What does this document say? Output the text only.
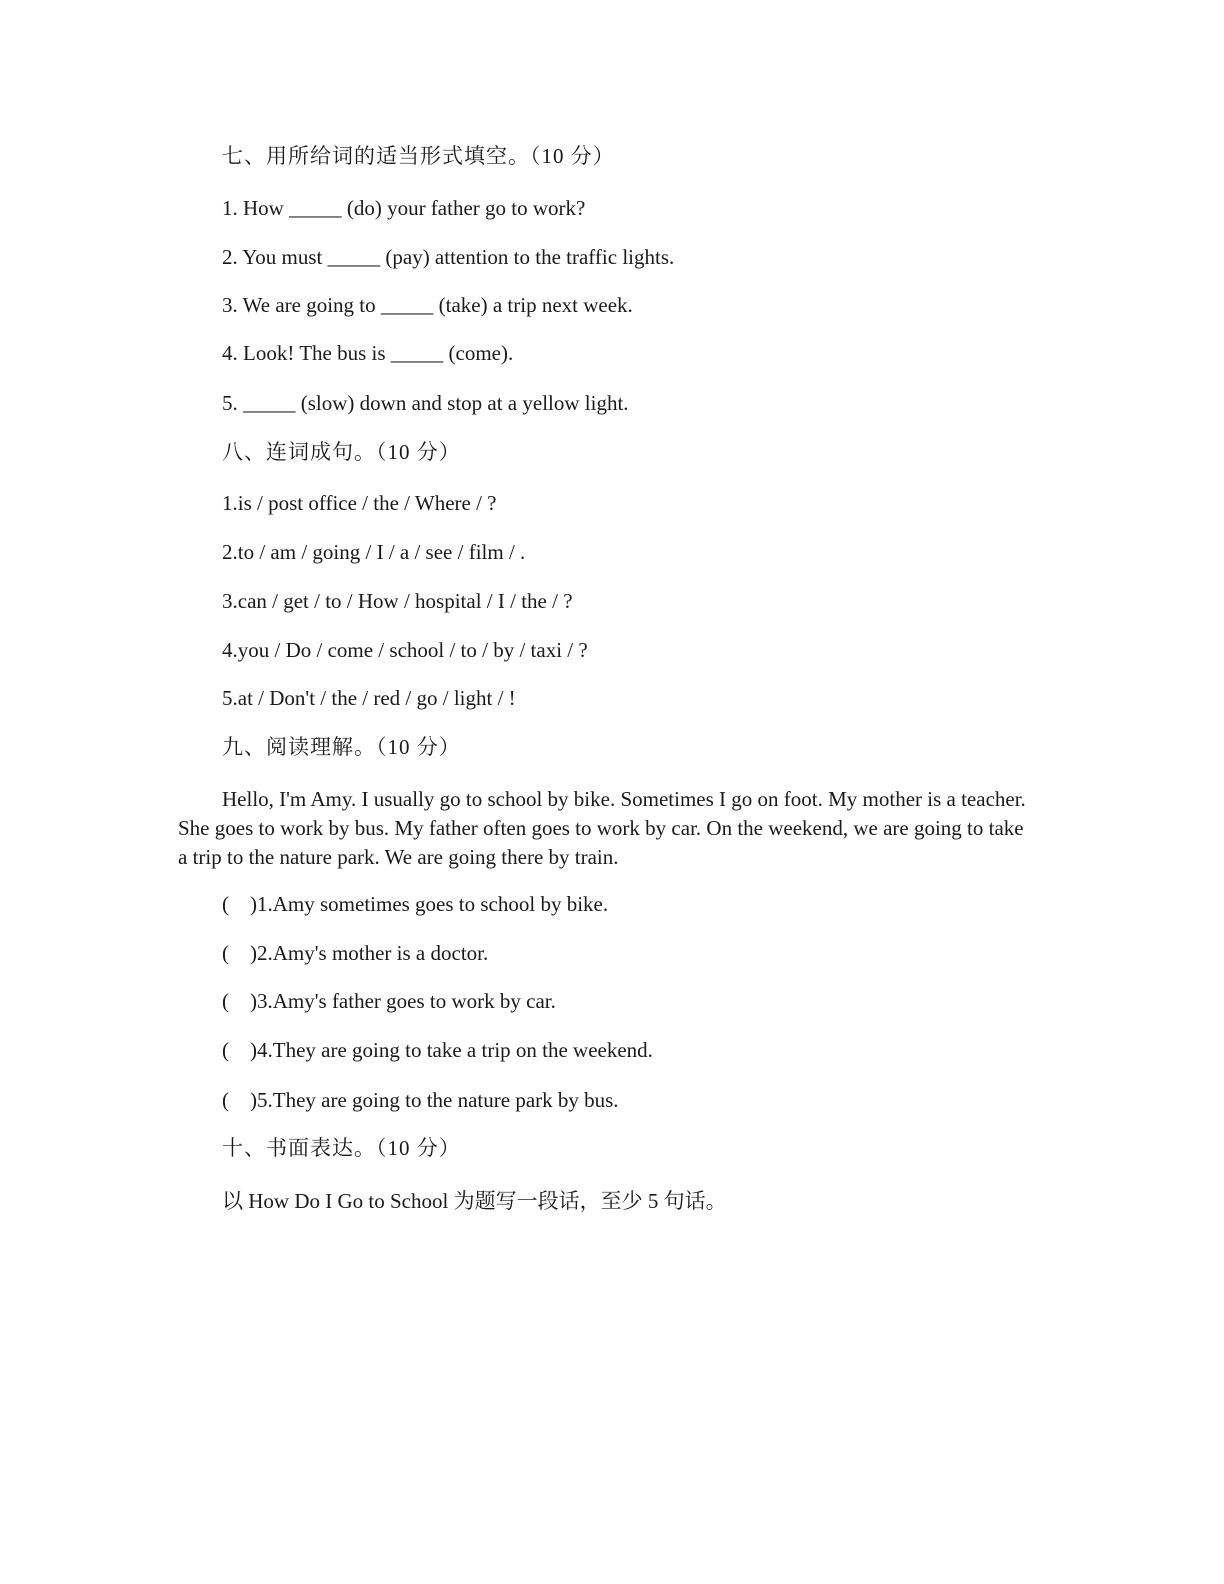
七、用所给词的适当形式填空。（10 分）
1. How _____ (do) your father go to work?
2. You must _____ (pay) attention to the traffic lights.
3. We are going to _____ (take) a trip next week.
4. Look! The bus is _____ (come).
5. _____ (slow) down and stop at a yellow light.
八、连词成句。（10 分）
1.is / post office / the / Where / ?
2.to / am / going / I / a / see / film / .
3.can / get / to / How / hospital / I / the / ?
4.you / Do / come / school / to / by / taxi / ?
5.at / Don't / the / red / go / light / !
九、阅读理解。（10 分）
Hello, I'm Amy. I usually go to school by bike. Sometimes I go on foot. My mother is a teacher. She goes to work by bus. My father often goes to work by car. On the weekend, we are going to take a trip to the nature park. We are going there by train.
(    )1.Amy sometimes goes to school by bike.
(    )2.Amy's mother is a doctor.
(    )3.Amy's father goes to work by car.
(    )4.They are going to take a trip on the weekend.
(    )5.They are going to the nature park by bus.
十、书面表达。（10 分）
以 How Do I Go to School 为题写一段话，至少 5 句话。
